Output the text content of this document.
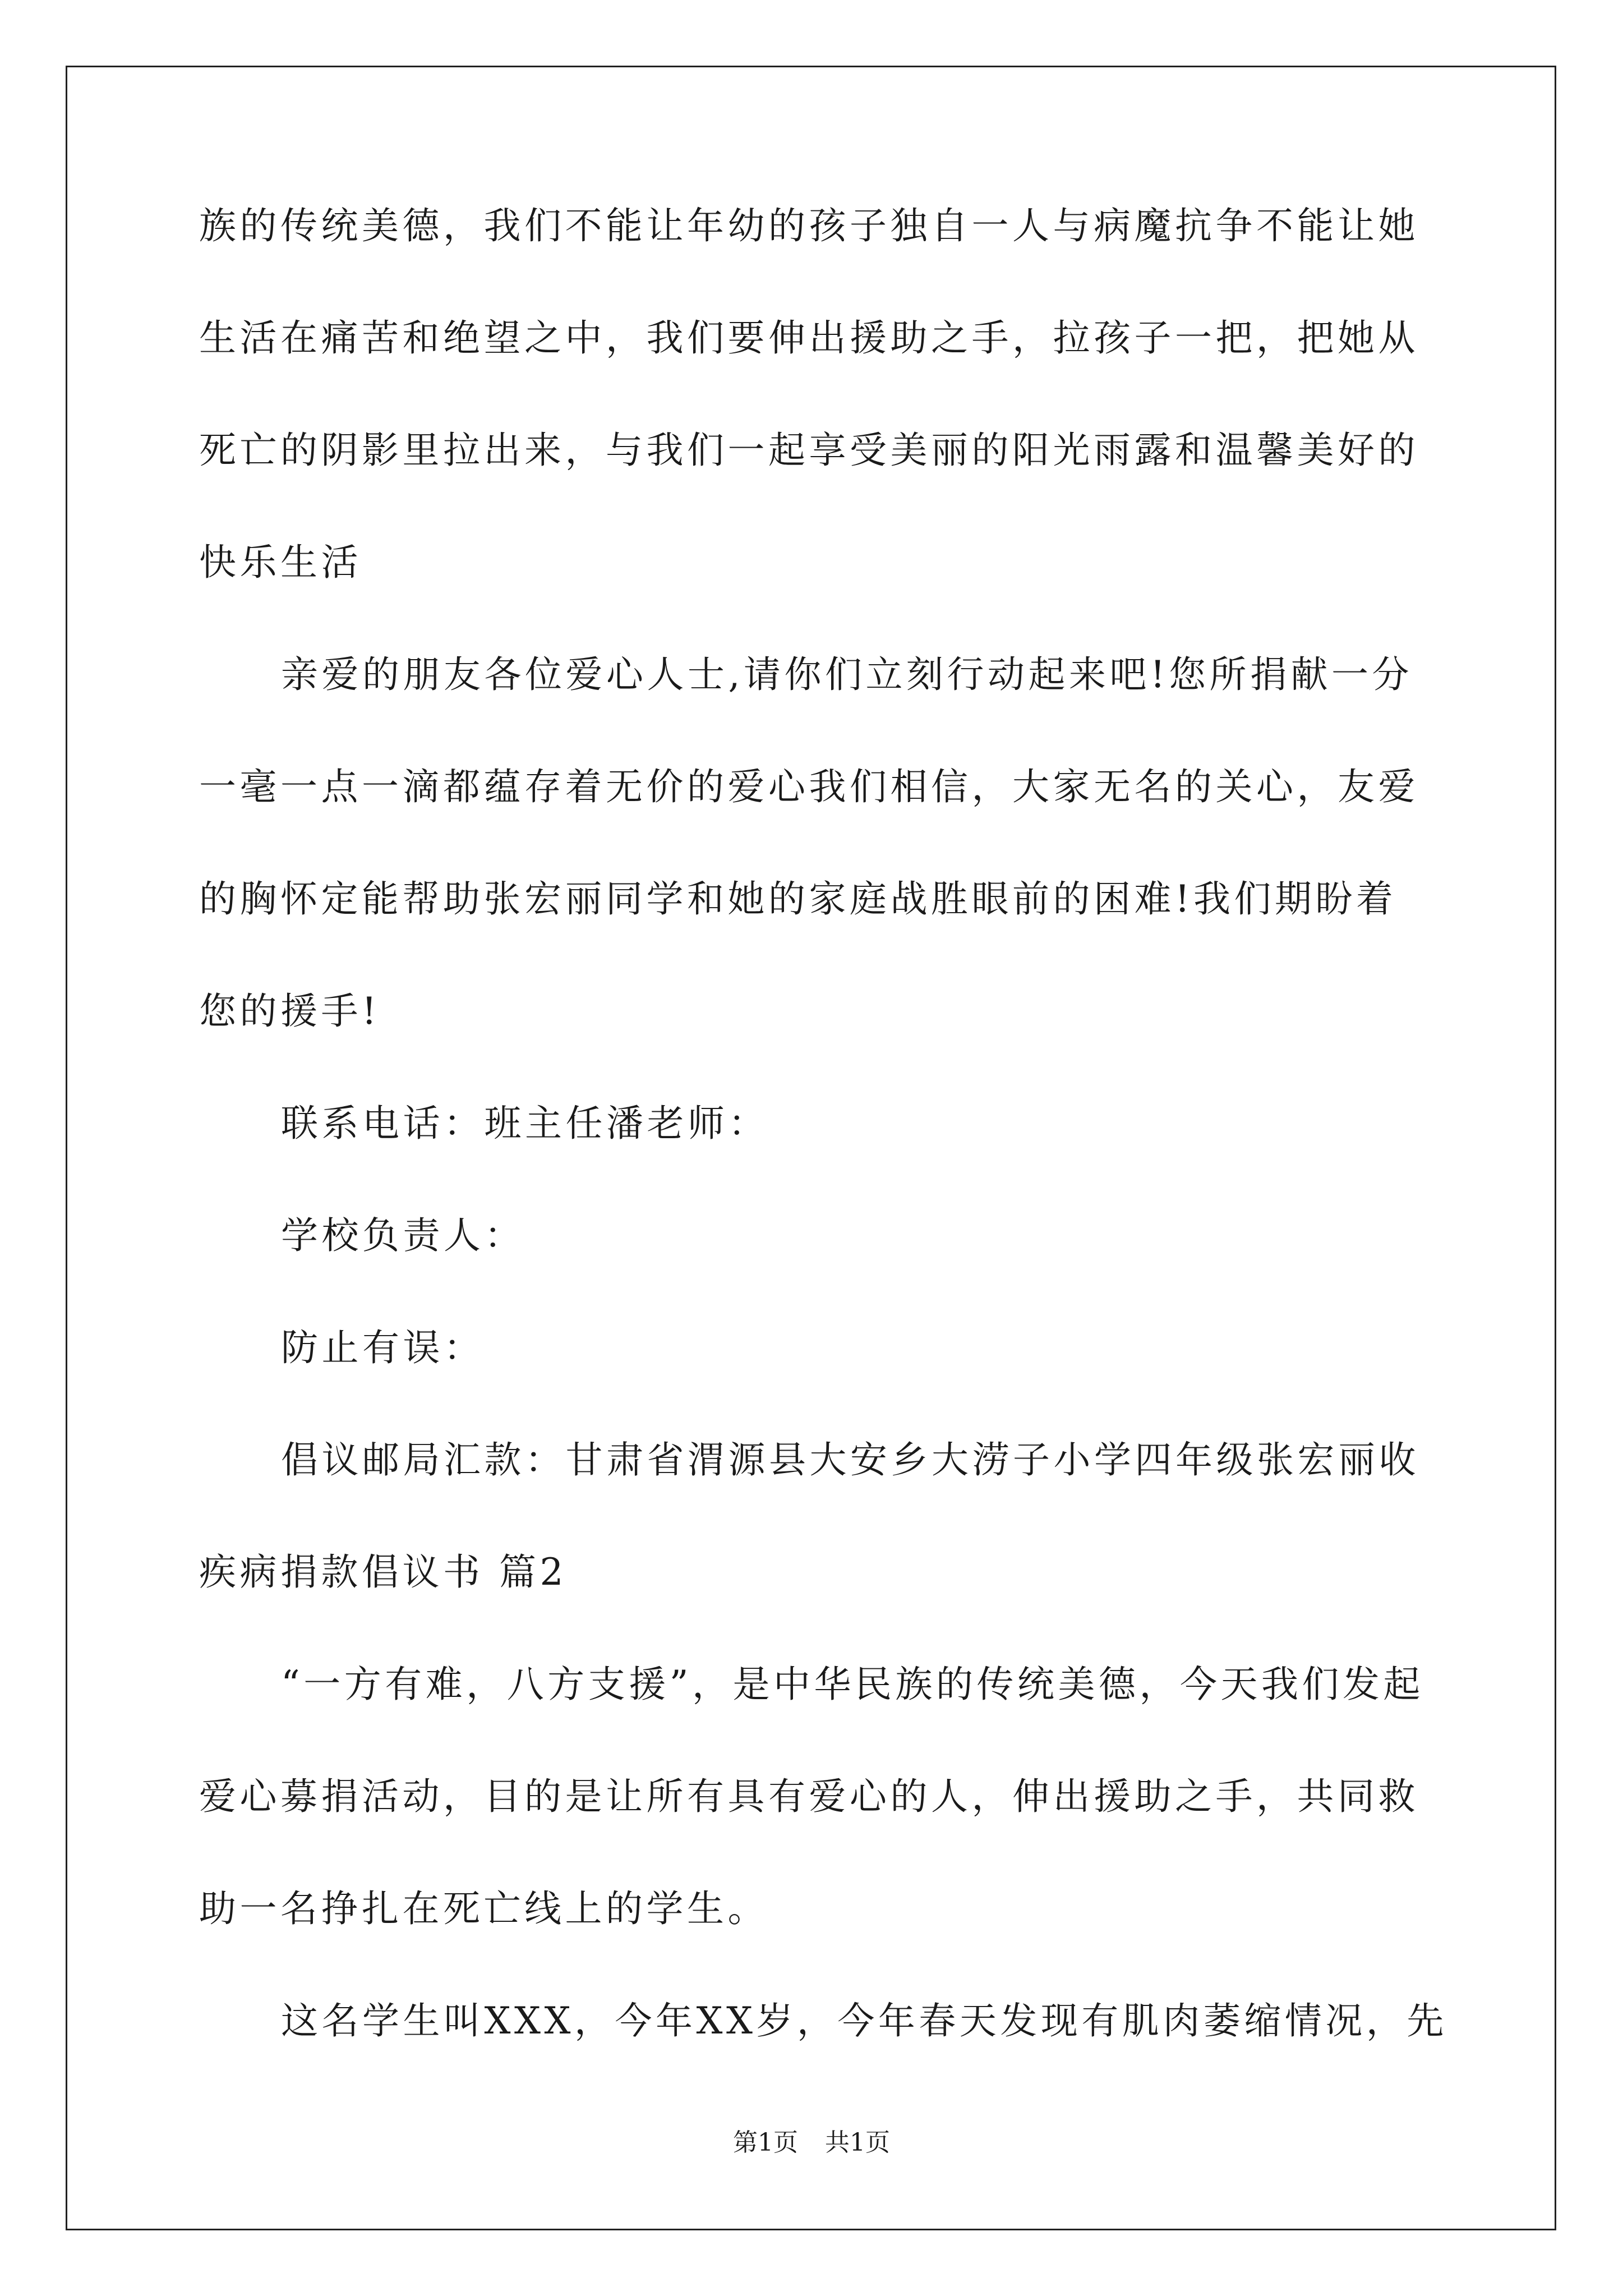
族的传统美德，我们不能让年幼的孩子独自一人与病魔抗争不能让她
生活在痛苦和绝望之中，我们要伸出援助之手，拉孩子一把，把她从
死亡的阴影里拉出来，与我们一起享受美丽的阳光雨露和温馨美好的
快乐生活
亲爱的朋友各位爱心人士,请你们立刻行动起来吧!您所捐献一分
一毫一点一滴都蕴存着无价的爱心我们相信，大家无名的关心，友爱
的胸怀定能帮助张宏丽同学和她的家庭战胜眼前的困难!我们期盼着
您的援手!
联系电话：班主任潘老师：
学校负责人：
防止有误：
倡议邮局汇款：甘肃省渭源县大安乡大涝子小学四年级张宏丽收
疾病捐款倡议书 篇2
“一方有难，八方支援”，是中华民族的传统美德，今天我们发起
爱心募捐活动，目的是让所有具有爱心的人，伸出援助之手，共同救
助一名挣扎在死亡线上的学生。
这名学生叫XXX，今年XX岁，今年春天发现有肌肉萎缩情况，先
第1页 共1页
